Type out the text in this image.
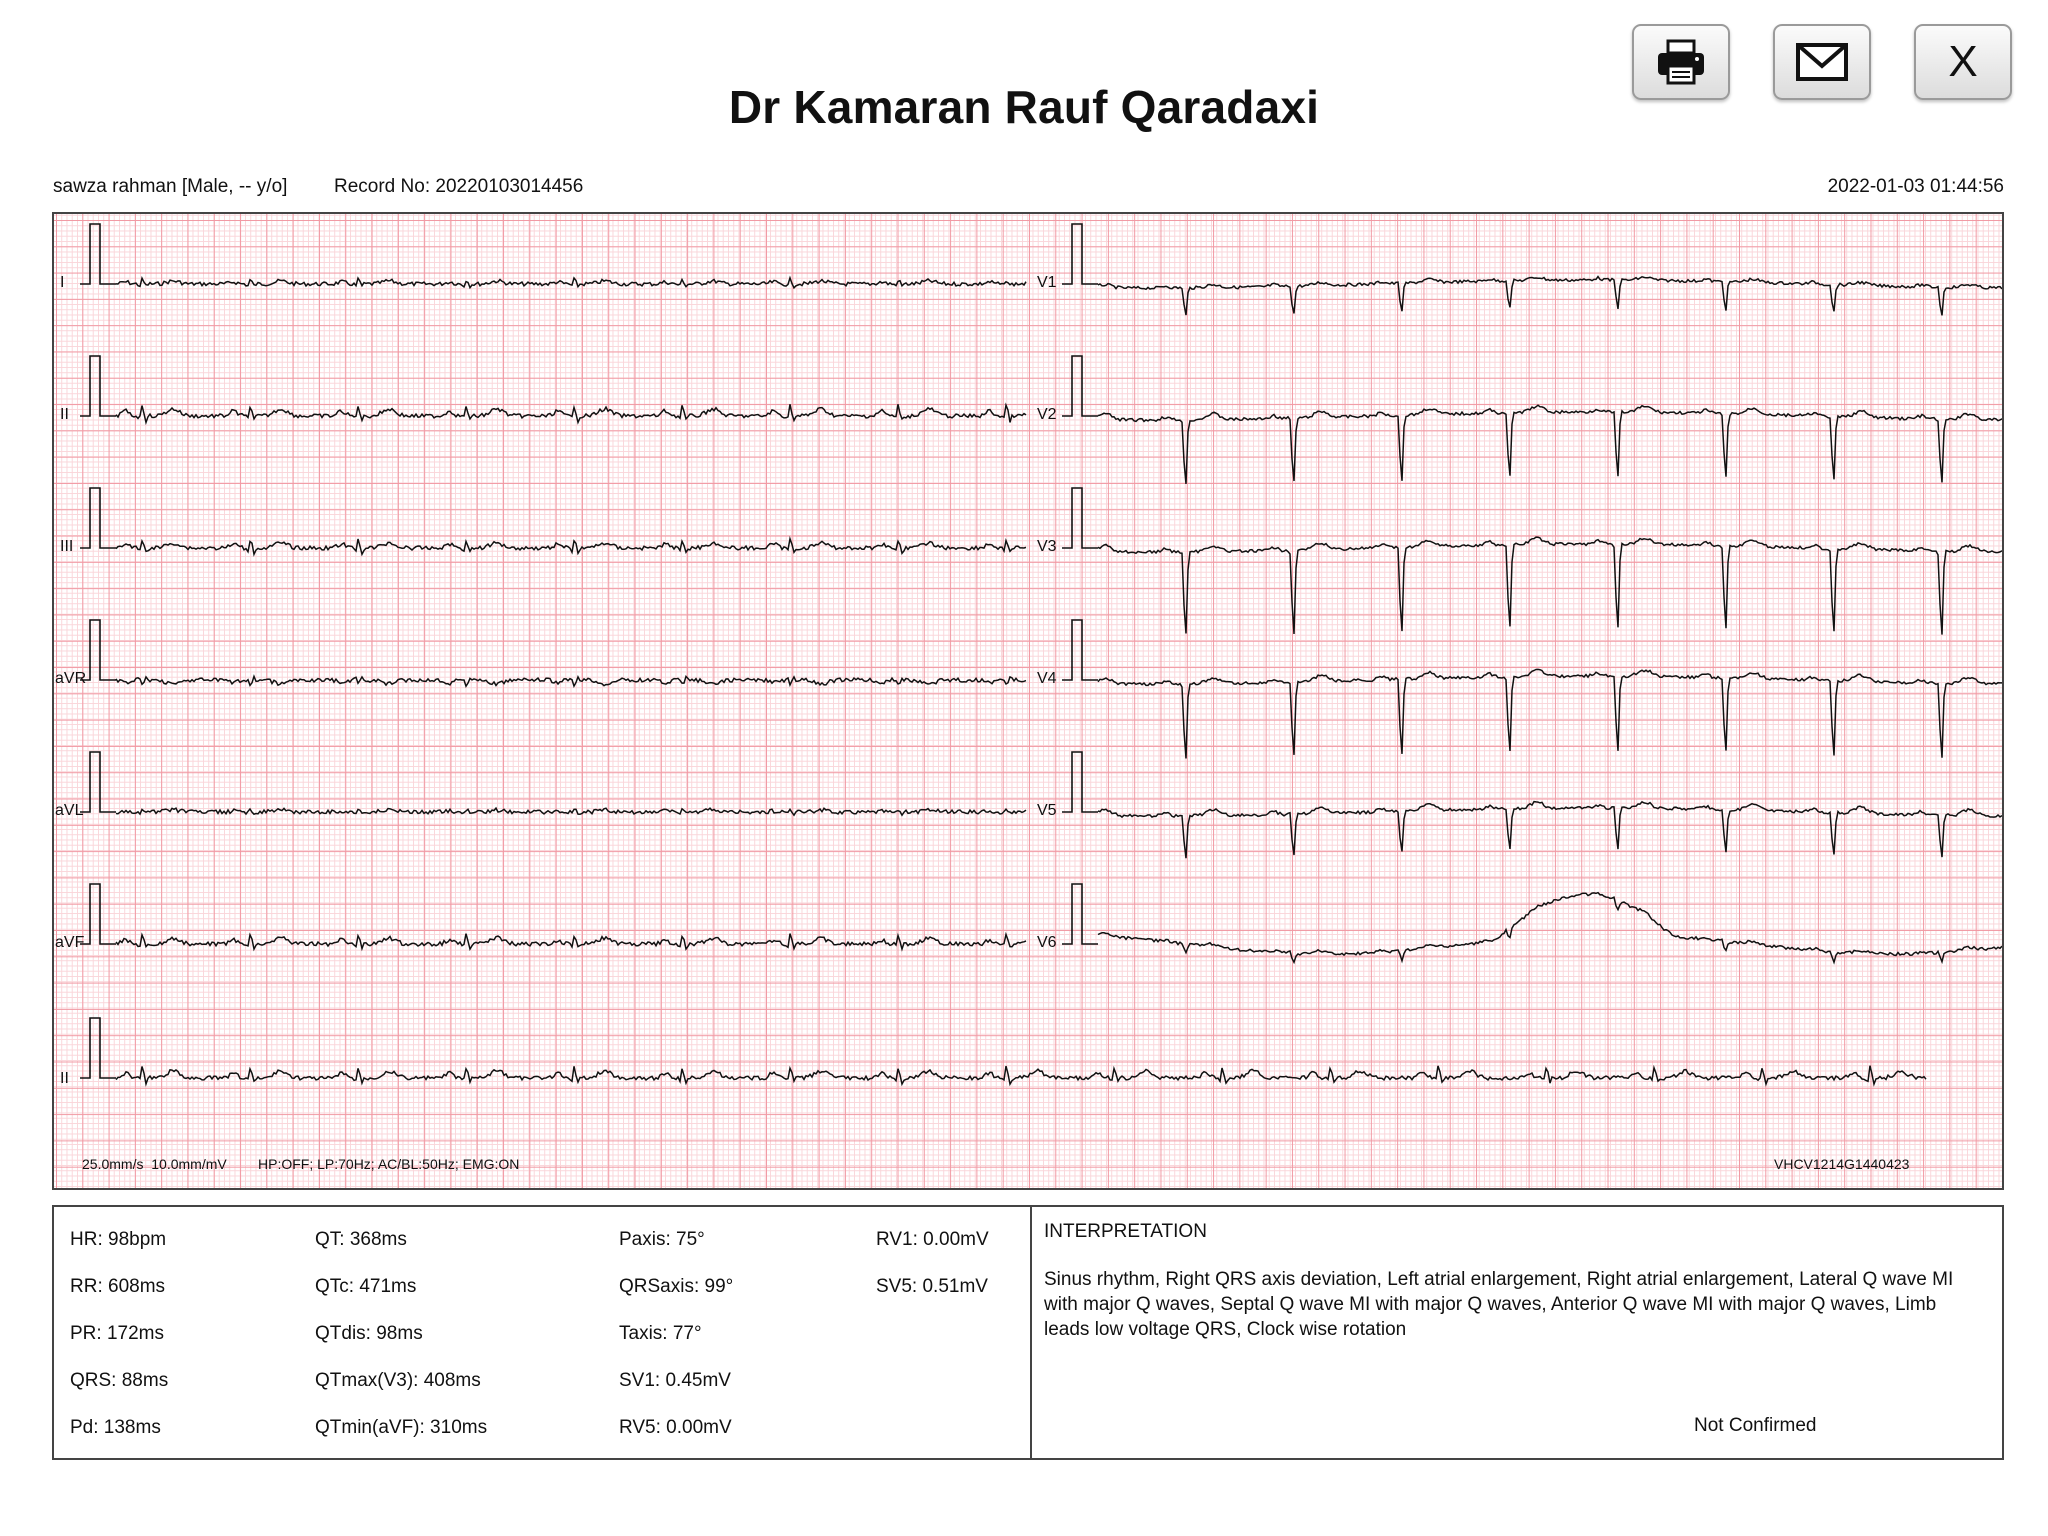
Dr Kamaran Rauf Qaradaxi
X
sawza rahman [Male, -- y/o] Record No: 20220103014456	2022-01-03 01:44:56
I
II
III
aVR
aVL
aVF
V1
V2
V3
V4
V5
V6
II
25.0mm/s  10.0mm/mV HP:OFF; LP:70Hz; AC/BL:50Hz; EMG:ON	VHCV1214G1440423
HR: 98bpm
RR: 608ms
PR: 172ms
QRS: 88ms
Pd: 138ms
QT: 368ms
QTc: 471ms
QTdis: 98ms
QTmax(V3): 408ms
QTmin(aVF): 310ms
Paxis: 75°
QRSaxis: 99°
Taxis: 77°
SV1: 0.45mV
RV5: 0.00mV
RV1: 0.00mV
SV5: 0.51mV
INTERPRETATION
Sinus rhythm, Right QRS axis deviation, Left atrial enlargement, Right atrial enlargement, Lateral Q wave MI with major Q waves, Septal Q wave MI with major Q waves, Anterior Q wave MI with major Q waves, Limb leads low voltage QRS, Clock wise rotation
Not Confirmed
